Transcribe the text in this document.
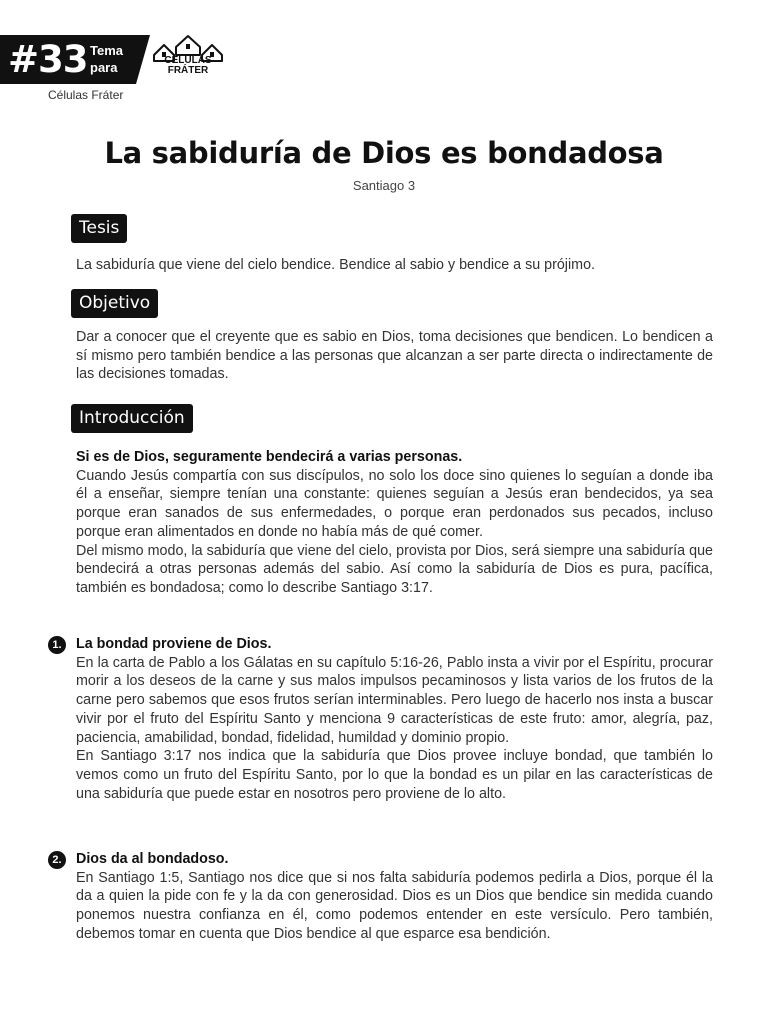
#33 Tema
para	CÉLULAS
FRÁTER
Células Fráter
La sabiduría de Dios es bondadosa
Santiago 3
Tesis
La sabiduría que viene del cielo bendice. Bendice al sabio y bendice a su prójimo.
Objetivo
Dar a conocer que el creyente que es sabio en Dios, toma decisiones que bendicen. Lo bendicen a sí mismo pero también bendice a las personas que alcanzan a ser parte directa o indirectamente de las decisiones tomadas.
Introducción
Si es de Dios, seguramente bendecirá a varias personas.
Cuando Jesús compartía con sus discípulos, no solo los doce sino quienes lo seguían a donde iba él a enseñar, siempre tenían una constante: quienes seguían a Jesús eran bendecidos, ya sea porque eran sanados de sus enfermedades, o porque eran perdonados sus pecados, incluso porque eran alimentados en donde no había más de qué comer.
Del mismo modo, la sabiduría que viene del cielo, provista por Dios, será siempre una sabiduría que bendecirá a otras personas además del sabio. Así como la sabiduría de Dios es pura, pacífica, también es bondadosa; como lo describe Santiago 3:17.
1.	La bondad proviene de Dios.
En la carta de Pablo a los Gálatas en su capítulo 5:16-26, Pablo insta a vivir por el Espíritu, procurar morir a los deseos de la carne y sus malos impulsos pecaminosos y lista varios de los frutos de la carne pero sabemos que esos frutos serían interminables. Pero luego de hacerlo nos insta a buscar vivir por el fruto del Espíritu Santo y menciona 9 características de este fruto: amor, alegría, paz, paciencia, amabilidad, bondad, fidelidad, humildad y dominio propio.
En Santiago 3:17 nos indica que la sabiduría que Dios provee incluye bondad, que también lo vemos como un fruto del Espíritu Santo, por lo que la bondad es un pilar en las características de una sabiduría que puede estar en nosotros pero proviene de lo alto.
2.	Dios da al bondadoso.
En Santiago 1:5, Santiago nos dice que si nos falta sabiduría podemos pedirla a Dios, porque él la da a quien la pide con fe y la da con generosidad. Dios es un Dios que bendice sin medida cuando ponemos nuestra confianza en él, como podemos entender en este versículo. Pero también, debemos tomar en cuenta que Dios bendice al que esparce esa bendición.
